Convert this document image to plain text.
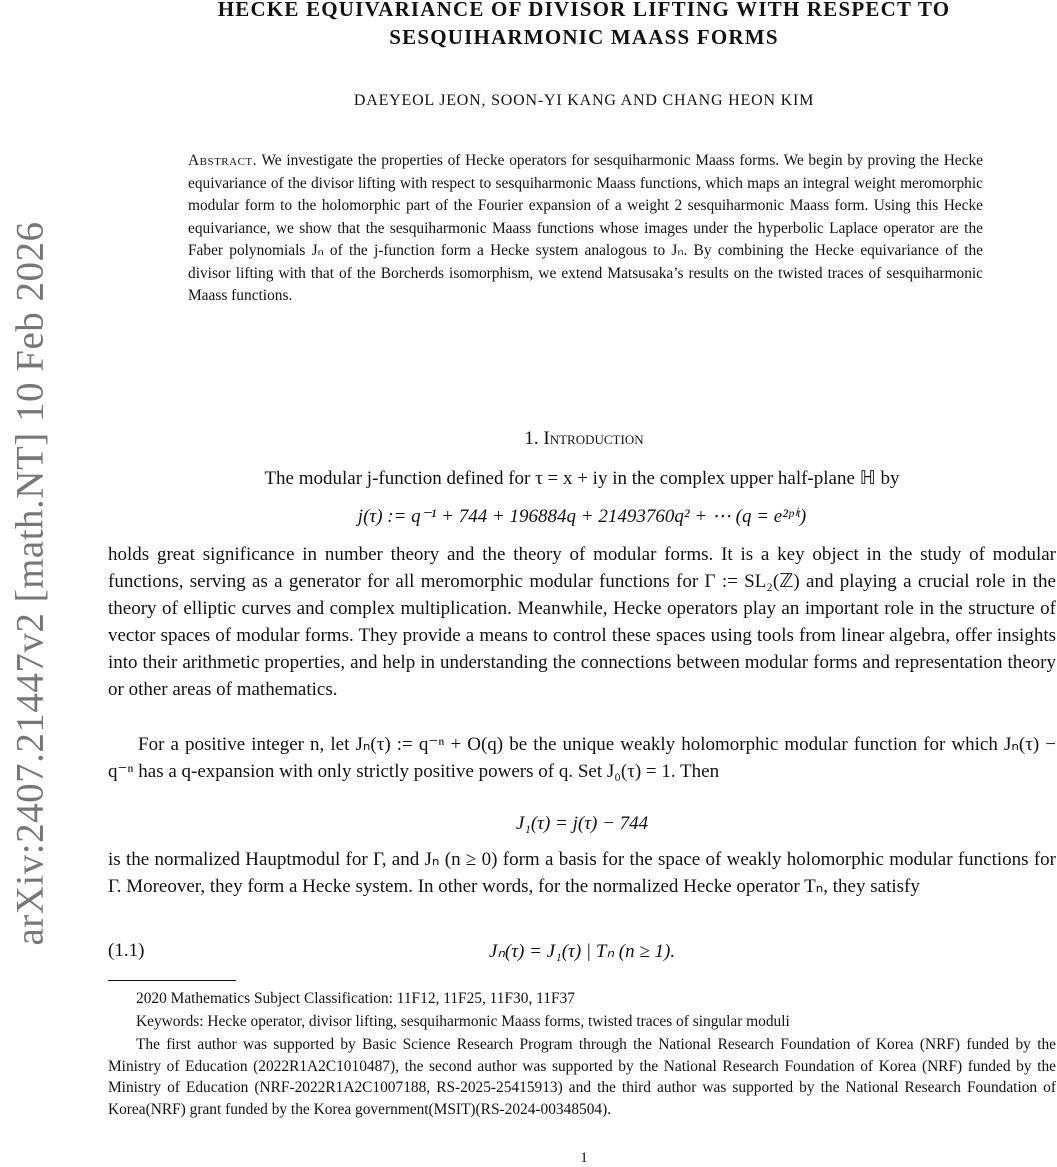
arXiv:2407.21447v2 [math.NT] 10 Feb 2026
HECKE EQUIVARIANCE OF DIVISOR LIFTING WITH RESPECT TO
SESQUIHARMONIC MAASS FORMS
DAEYEOL JEON, SOON-YI KANG AND CHANG HEON KIM

Abstract. We investigate the properties of Hecke operators for sesquiharmonic Maass forms. We begin by proving the Hecke equivariance of the divisor lifting with respect to sesquiharmonic Maass functions, which maps an integral weight meromorphic modular form to the holomorphic part of the Fourier expansion of a weight 2 sesquiharmonic Maass form. Using this Hecke equivariance, we show that the sesquiharmonic Maass functions whose images under the hyperbolic Laplace operator are the Faber polynomials Jₙ of the j-function form a Hecke system analogous to Jₙ. By combining the Hecke equivariance of the divisor lifting with that of the Borcherds isomorphism, we extend Matsusaka’s results on the twisted traces of sesquiharmonic Maass functions.

1. Introduction

The modular j-function defined for τ = x + iy in the complex upper half-plane ℍ by

j(τ) := q⁻¹ + 744 + 196884q + 21493760q² + ⋯ (q = e²ᵖⁱᵗ)

holds great significance in number theory and the theory of modular forms. It is a key object in the study of modular functions, serving as a generator for all meromorphic modular functions for Γ := SL₂(ℤ) and playing a crucial role in the theory of elliptic curves and complex multiplication. Meanwhile, Hecke operators play an important role in the structure of vector spaces of modular forms. They provide a means to control these spaces using tools from linear algebra, offer insights into their arithmetic properties, and help in understanding the connections between modular forms and representation theory or other areas of mathematics.

For a positive integer n, let Jₙ(τ) := q⁻ⁿ + O(q) be the unique weakly holomorphic modular function for which Jₙ(τ) − q⁻ⁿ has a q-expansion with only strictly positive powers of q. Set J₀(τ) = 1. Then

J₁(τ) = j(τ) − 744

is the normalized Hauptmodul for Γ, and Jₙ (n ≥ 0) form a basis for the space of weakly holomorphic modular functions for Γ. Moreover, they form a Hecke system. In other words, for the normalized Hecke operator Tₙ, they satisfy

(1.1)	Jₙ(τ) = J₁(τ) | Tₙ (n ≥ 1).

2020 Mathematics Subject Classification: 11F12, 11F25, 11F30, 11F37

Keywords: Hecke operator, divisor lifting, sesquiharmonic Maass forms, twisted traces of singular moduli

The first author was supported by Basic Science Research Program through the National Research Foundation of Korea (NRF) funded by the Ministry of Education (2022R1A2C1010487), the second author was supported by the National Research Foundation of Korea (NRF) funded by the Ministry of Education (NRF-2022R1A2C1007188, RS-2025-25415913) and the third author was supported by the National Research Foundation of Korea(NRF) grant funded by the Korea government(MSIT)(RS-2024-00348504).

1
